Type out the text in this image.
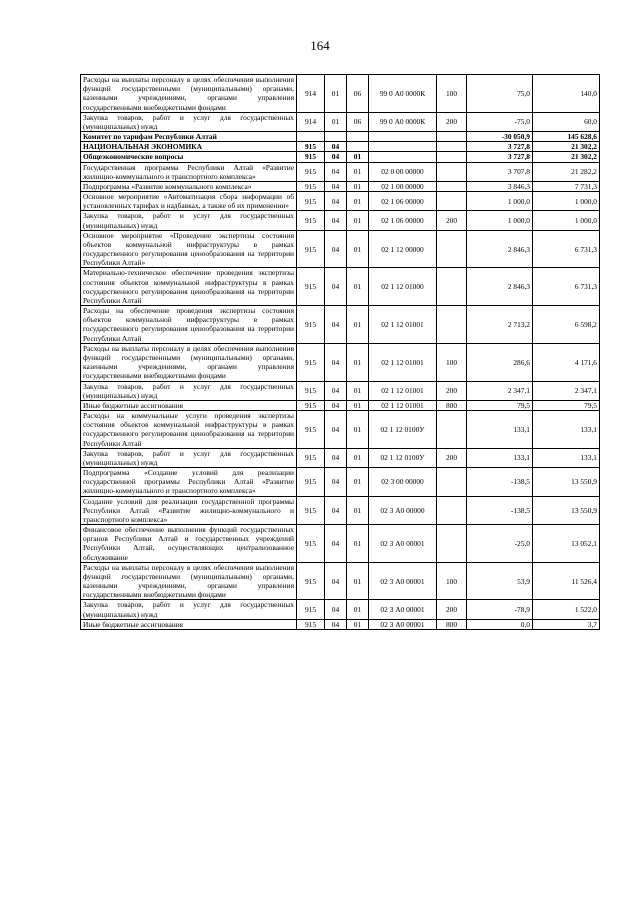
164
Расходы на выплаты персоналу в целях обеспечения выполнения функций государственными (муниципальными) органами, казенными учреждениями, органами управления государственными внебюджетными фондами	914	01	06	99 0 А0 0000К	100	75,0	140,0
Закупка товаров, работ и услуг для государственных (муниципальных) нужд	914	01	06	99 0 А0 0000К	200	-75,0	60,0
Комитет по тарифам Республики Алтай						-30 050,9	145 628,6
НАЦИОНАЛЬНАЯ ЭКОНОМИКА	915	04				3 727,8	21 302,2
Общеэкономические вопросы	915	04	01			3 727,8	21 302,2
Государственная программа Республики Алтай «Развитие жилищно-коммунального и транспортного комплекса»	915	04	01	02 0 00 00000		3 707,8	21 282,2
Подпрограмма «Развитие коммунального комплекса»	915	04	01	02 1 00 00000		3 846,3	7 731,3
Основное мероприятие «Автоматизация сбора информации об установленных тарифах и надбавках, а также об их применении»	915	04	01	02 1 06 00000		1 000,0	1 000,0
Закупка товаров, работ и услуг для государственных (муниципальных) нужд	915	04	01	02 1 06 00000	200	1 000,0	1 000,0
Основное мероприятие «Проведение экспертизы состояния объектов коммунальной инфраструктуры в рамках государственного регулирования ценообразования на территории Республики Алтай»	915	04	01	02 1 12 00000		2 846,3	6 731,3
Материально-техническое обеспечение проведения экспертизы состояния объектов коммунальной инфраструктуры в рамках государственного регулирования ценообразования на территории Республики Алтай	915	04	01	02 1 12 01000		2 846,3	6 731,3
Расходы на обеспечение проведения экспертизы состояния объектов коммунальной инфраструктуры в рамках государственного регулирования ценообразования на территории Республики Алтай	915	04	01	02 1 12 01001		2 713,2	6 598,2
Расходы на выплаты персоналу в целях обеспечения выполнения функций государственными (муниципальными) органами, казенными учреждениями, органами управления государственными внебюджетными фондами	915	04	01	02 1 12 01001	100	286,6	4 171,6
Закупка товаров, работ и услуг для государственных (муниципальных) нужд	915	04	01	02 1 12 01001	200	2 347,1	2 347,1
Иные бюджетные ассигнования	915	04	01	02 1 12 01001	800	79,5	79,5
Расходы на коммунальные услуги проведения экспертизы состояния объектов коммунальной инфраструктуры в рамках государственного регулирования ценообразования на территории Республики Алтай	915	04	01	02 1 12 0100У		133,1	133,1
Закупка товаров, работ и услуг для государственных (муниципальных) нужд	915	04	01	02 1 12 0100У	200	133,1	133,1
Подпрограмма «Создание условий для реализации государственной программы Республики Алтай «Развитие жилищно-коммунального и транспортного комплекса»	915	04	01	02 3 00 00000		-138,5	13 550,9
Создание условий для реализации государственной программы Республики Алтай «Развитие жилищно-коммунального и транспортного комплекса»	915	04	01	02 3 А0 00000		-138,5	13 550,9
Финансовое обеспечение выполнения функций государственных органов Республики Алтай и государственных учреждений Республики Алтай, осуществляющих централизованное обслуживание	915	04	01	02 3 А0 00001		-25,0	13 052,1
Расходы на выплаты персоналу в целях обеспечения выполнения функций государственными (муниципальными) органами, казенными учреждениями, органами управления государственными внебюджетными фондами	915	04	01	02 3 А0 00001	100	53,9	11 526,4
Закупка товаров, работ и услуг для государственных (муниципальных) нужд	915	04	01	02 3 А0 00001	200	-78,9	1 522,0
Иные бюджетные ассигнования	915	04	01	02 3 А0 00001	800	0,0	3,7
